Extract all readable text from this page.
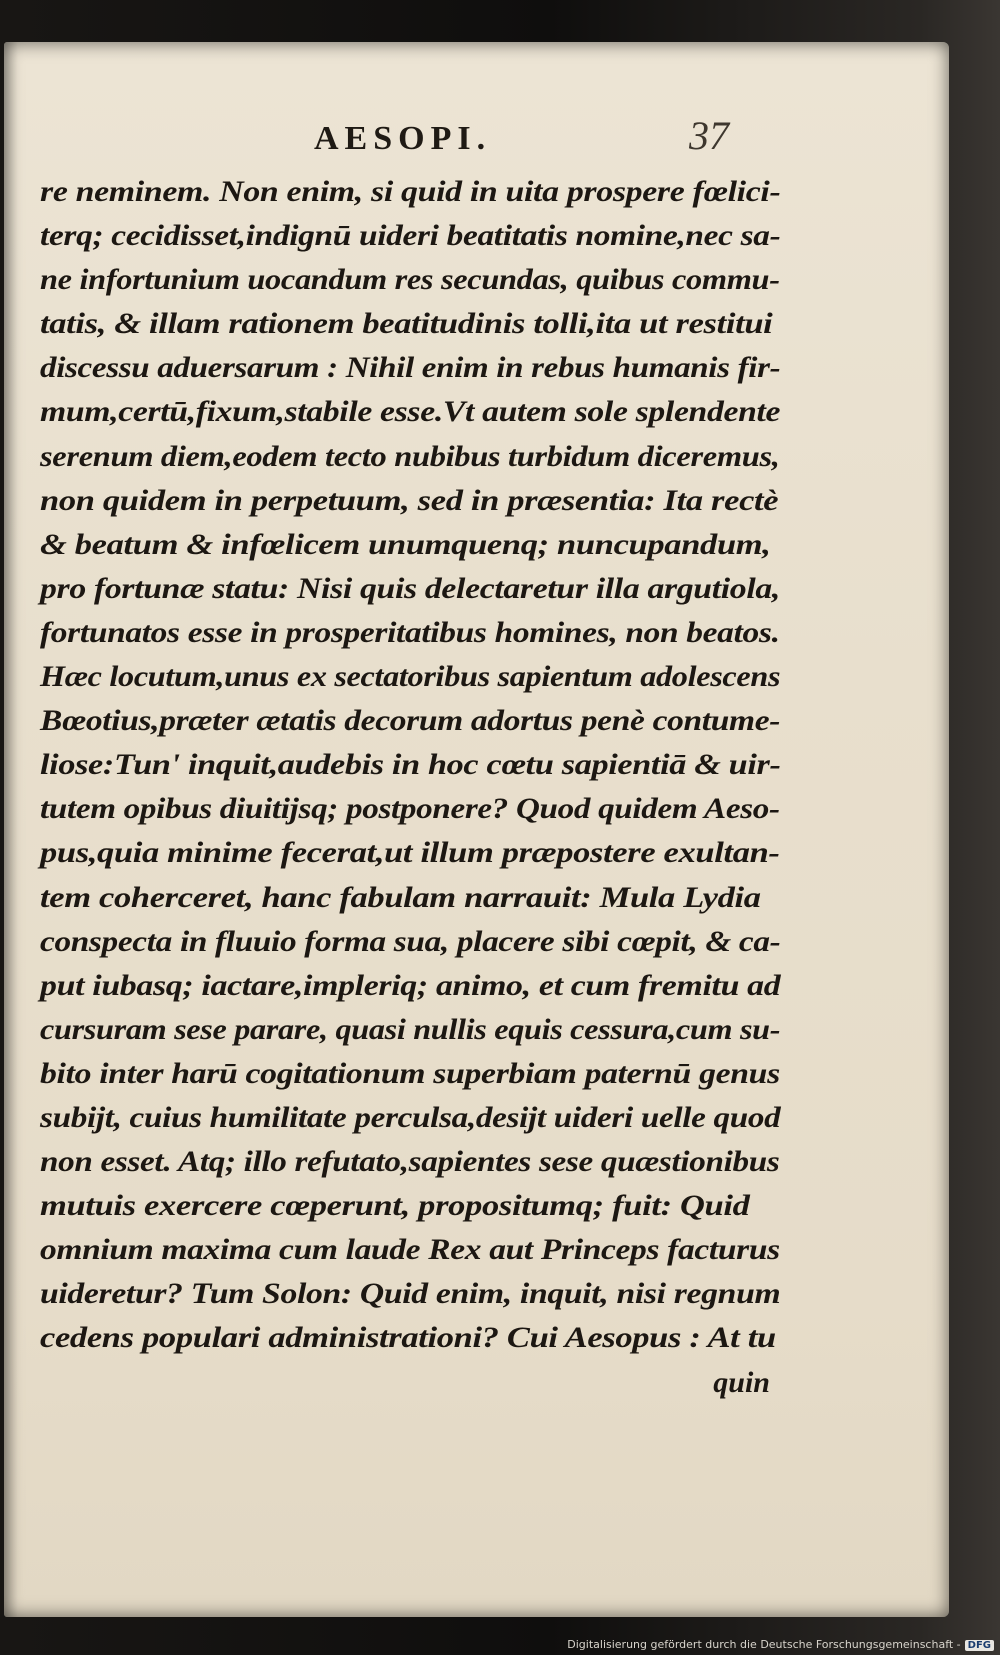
AESOPI.	37
re neminem. Non enim, si quid in uita prospere fœlici-
terq; cecidisset,indignū uideri beatitatis nomine,nec sa-
ne infortunium uocandum res secundas, quibus commu-
tatis, & illam rationem beatitudinis tolli,ita ut restitui
discessu aduersarum : Nihil enim in rebus humanis fir-
mum,certū,fixum,stabile esse.Vt autem sole splendente
serenum diem,eodem tecto nubibus turbidum diceremus,
non quidem in perpetuum, sed in præsentia: Ita rectè
& beatum & infœlicem unumquenq; nuncupandum,
pro fortunæ statu: Nisi quis delectaretur illa argutiola,
fortunatos esse in prosperitatibus homines, non beatos.
Hæc locutum,unus ex sectatoribus sapientum adolescens
Bœotius,præter ætatis decorum adortus penè contume-
liose:Tun' inquit,audebis in hoc cœtu sapientiā & uir-
tutem opibus diuitijsq; postponere? Quod quidem Aeso-
pus,quia minime fecerat,ut illum præpostere exultan-
tem coherceret, hanc fabulam narrauit: Mula Lydia
conspecta in fluuio forma sua, placere sibi cœpit, & ca-
put iubasq; iactare,impleriq; animo, et cum fremitu ad
cursuram sese parare, quasi nullis equis cessura,cum su-
bito inter harū cogitationum superbiam paternū genus
subijt, cuius humilitate perculsa,desijt uideri uelle quod
non esset. Atq; illo refutato,sapientes sese quæstionibus
mutuis exercere cœperunt, propositumq; fuit: Quid
omnium maxima cum laude Rex aut Princeps facturus
uideretur? Tum Solon: Quid enim, inquit, nisi regnum
cedens populari administrationi? Cui Aesopus : At tu
quin
Digitalisierung gefördert durch die Deutsche Forschungsgemeinschaft - DFG
